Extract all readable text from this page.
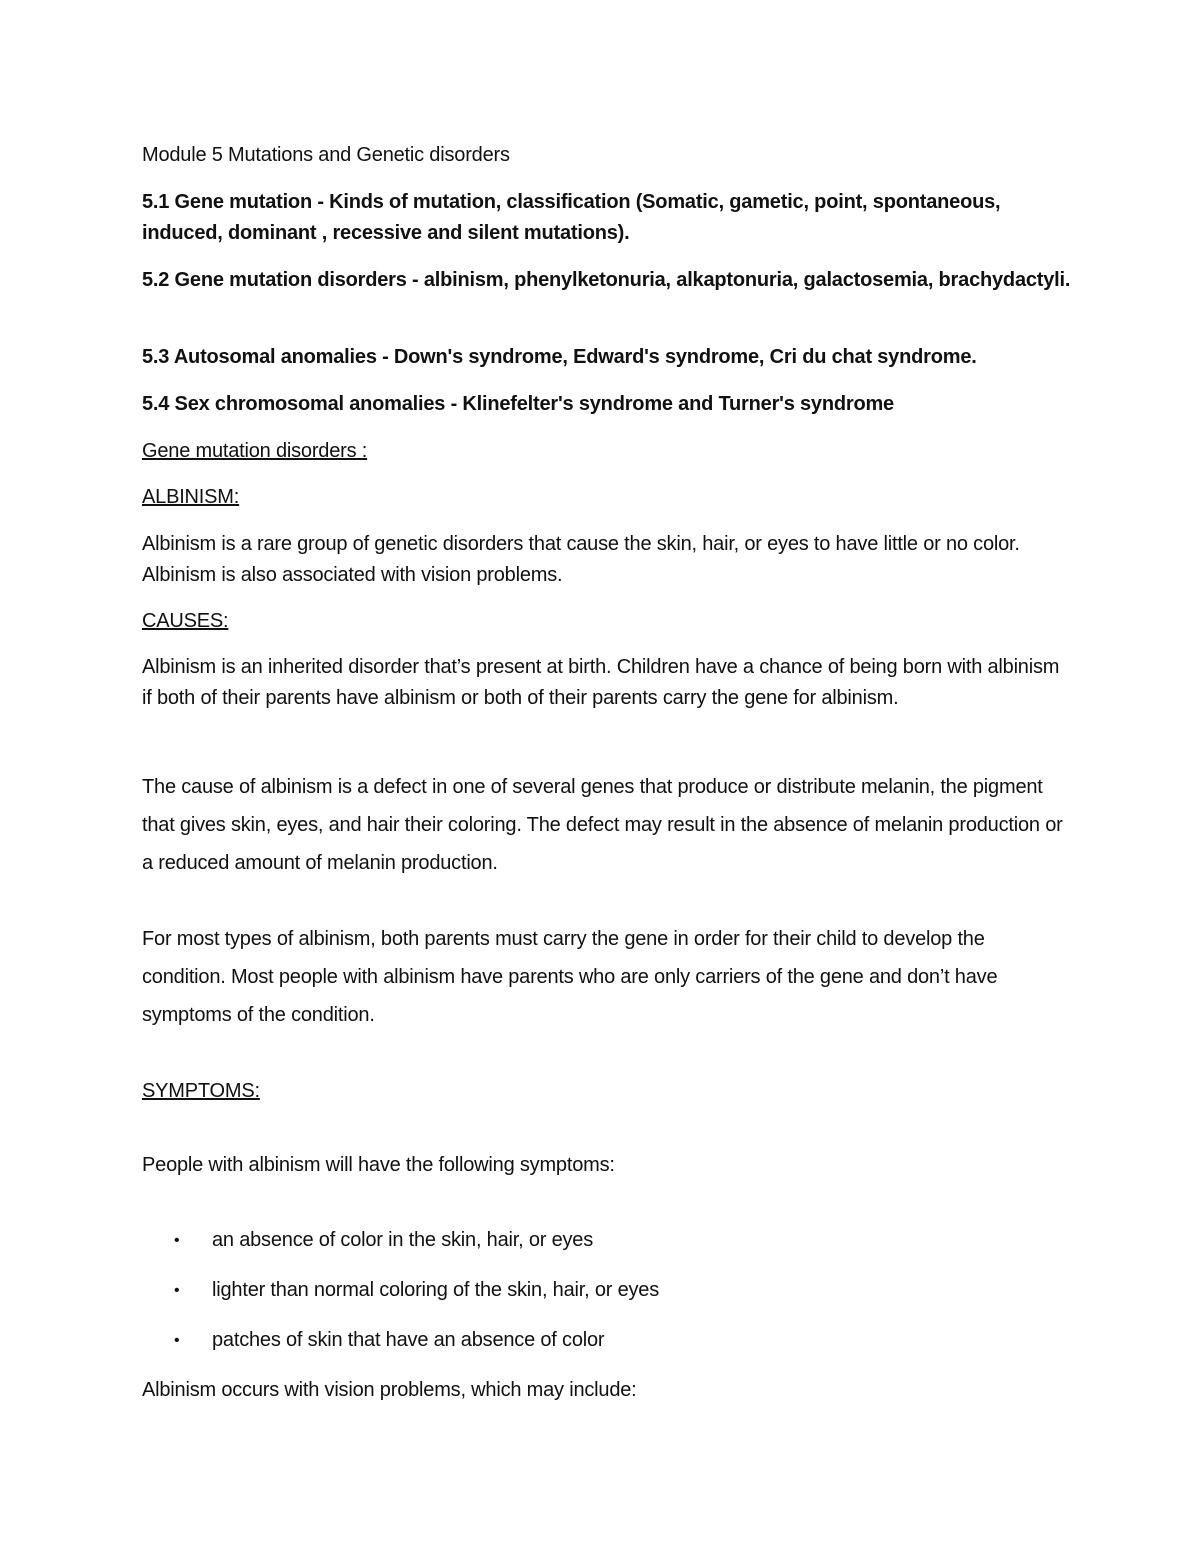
Module 5 Mutations and Genetic disorders

5.1 Gene mutation - Kinds of mutation, classification (Somatic, gametic, point, spontaneous, induced, dominant , recessive and silent mutations).

5.2 Gene mutation disorders - albinism, phenylketonuria, alkaptonuria, galactosemia, brachydactyli.

5.3 Autosomal anomalies - Down's syndrome, Edward's syndrome, Cri du chat syndrome.

5.4 Sex chromosomal anomalies - Klinefelter's syndrome and Turner's syndrome

Gene mutation disorders :

ALBINISM:

Albinism is a rare group of genetic disorders that cause the skin, hair, or eyes to have little or no color. Albinism is also associated with vision problems.

CAUSES:

Albinism is an inherited disorder that’s present at birth. Children have a chance of being born with albinism if both of their parents have albinism or both of their parents carry the gene for albinism.

The cause of albinism is a defect in one of several genes that produce or distribute melanin, the pigment that gives skin, eyes, and hair their coloring. The defect may result in the absence of melanin production or a reduced amount of melanin production.

For most types of albinism, both parents must carry the gene in order for their child to develop the condition. Most people with albinism have parents who are only carriers of the gene and don’t have symptoms of the condition.

SYMPTOMS:

People with albinism will have the following symptoms:

• an absence of color in the skin, hair, or eyes
• lighter than normal coloring of the skin, hair, or eyes
• patches of skin that have an absence of color

Albinism occurs with vision problems, which may include:
